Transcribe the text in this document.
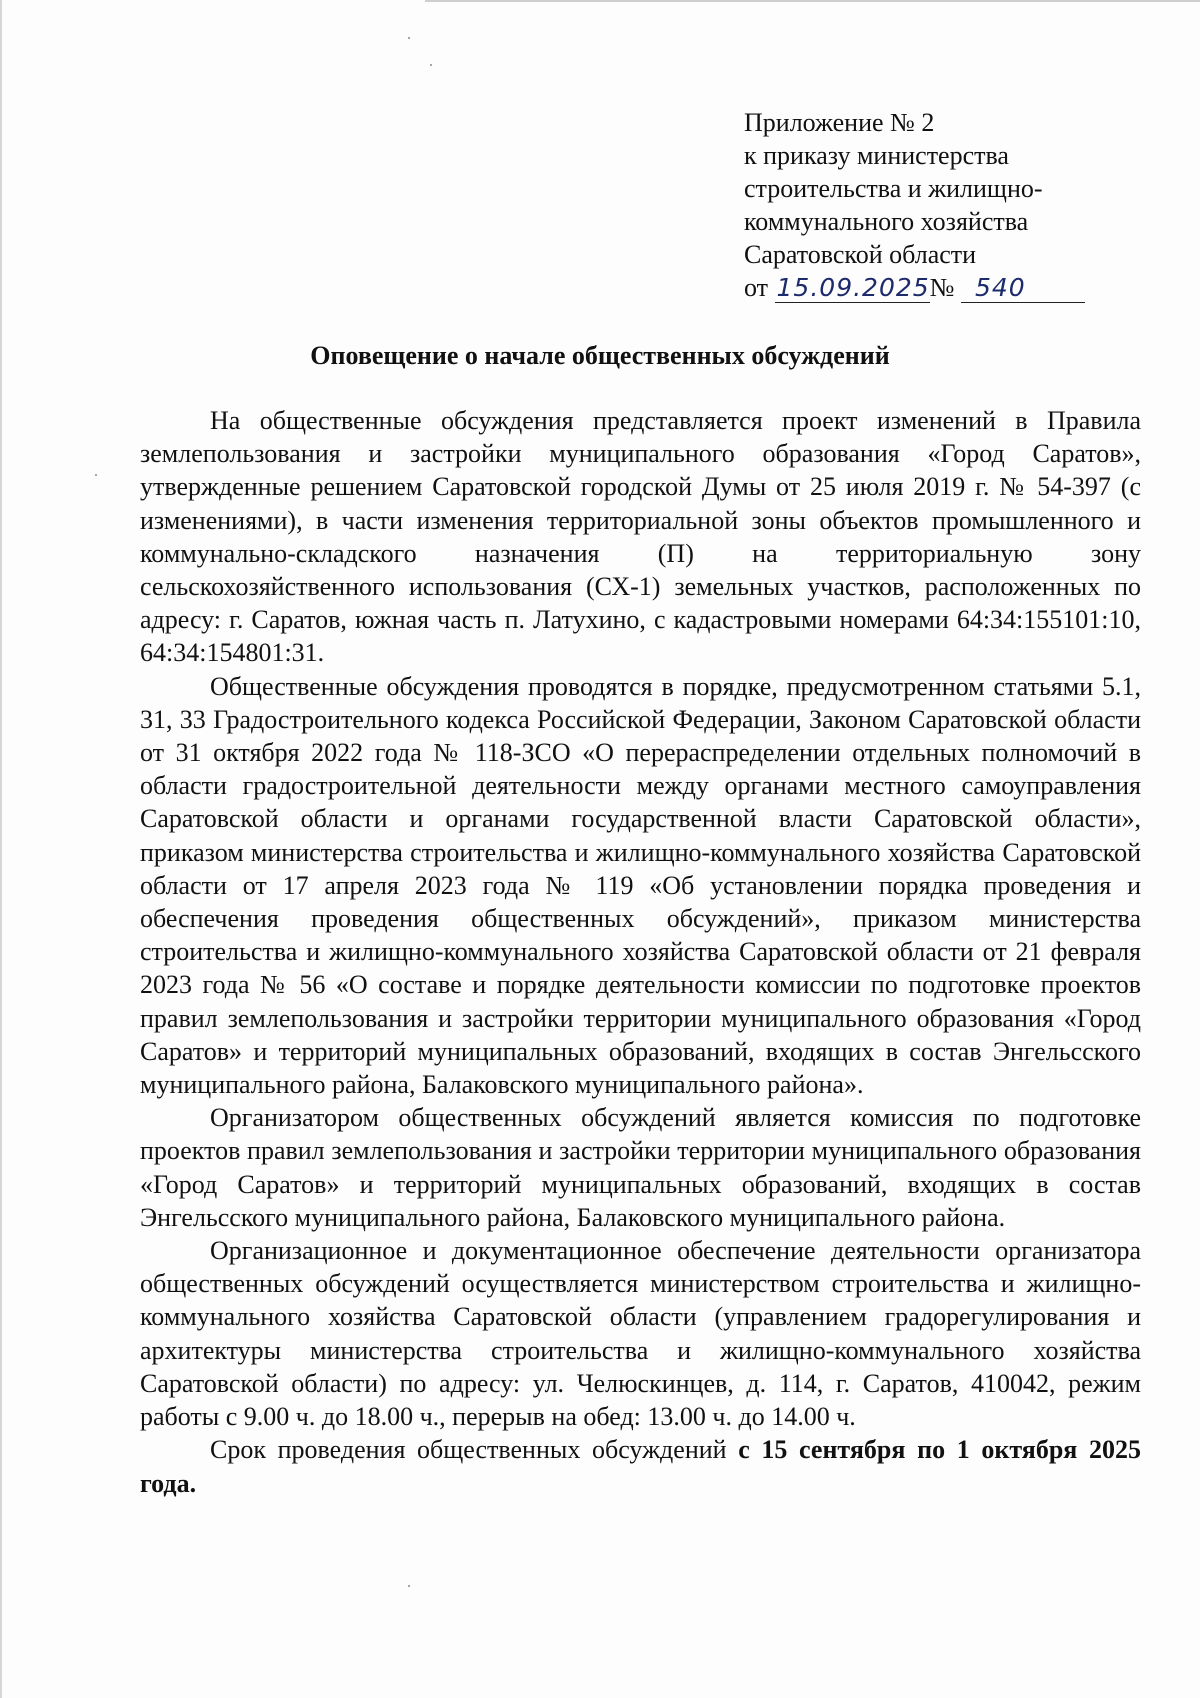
Приложение № 2
к приказу министерства
строительства и жилищно-
коммунального хозяйства
Саратовской области
от 15.09.2025№ 540
Оповещение о начале общественных обсуждений

На общественные обсуждения представляется проект изменений в Правила землепользования и застройки муниципального образования «Город Саратов», утвержденные решением Саратовской городской Думы от 25 июля 2019 г. № 54-397 (с изменениями), в части изменения территориальной зоны объектов промышленного и коммунально-складского назначения (П) на территориальную зону сельскохозяйственного использования (СХ-1) земельных участков, расположенных по адресу: г. Саратов, южная часть п. Латухино, с кадастровыми номерами 64:34:155101:10, 64:34:154801:31.

Общественные обсуждения проводятся в порядке, предусмотренном статьями 5.1, 31, 33 Градостроительного кодекса Российской Федерации, Законом Саратовской области от 31 октября 2022 года № 118-ЗСО «О перераспределении отдельных полномочий в области градостроительной деятельности между органами местного самоуправления Саратовской области и органами государственной власти Саратовской области», приказом министерства строительства и жилищно-коммунального хозяйства Саратовской области от 17 апреля 2023 года № 119 «Об установлении порядка проведения и обеспечения проведения общественных обсуждений», приказом министерства строительства и жилищно-коммунального хозяйства Саратовской области от 21 февраля 2023 года № 56 «О составе и порядке деятельности комиссии по подготовке проектов правил землепользования и застройки территории муниципального образования «Город Саратов» и территорий муниципальных образований, входящих в состав Энгельсского муниципального района, Балаковского муниципального района».

Организатором общественных обсуждений является комиссия по подготовке проектов правил землепользования и застройки территории муниципального образования «Город Саратов» и территорий муниципальных образований, входящих в состав Энгельсского муниципального района, Балаковского муниципального района.

Организационное и документационное обеспечение деятельности организатора общественных обсуждений осуществляется министерством строительства и жилищно-коммунального хозяйства Саратовской области (управлением градорегулирования и архитектуры министерства строительства и жилищно-коммунального хозяйства Саратовской области) по адресу: ул. Челюскинцев, д. 114, г. Саратов, 410042, режим работы с 9.00 ч. до 18.00 ч., перерыв на обед: 13.00 ч. до 14.00 ч.

Срок проведения общественных обсуждений с 15 сентября по 1 октября 2025 года.
